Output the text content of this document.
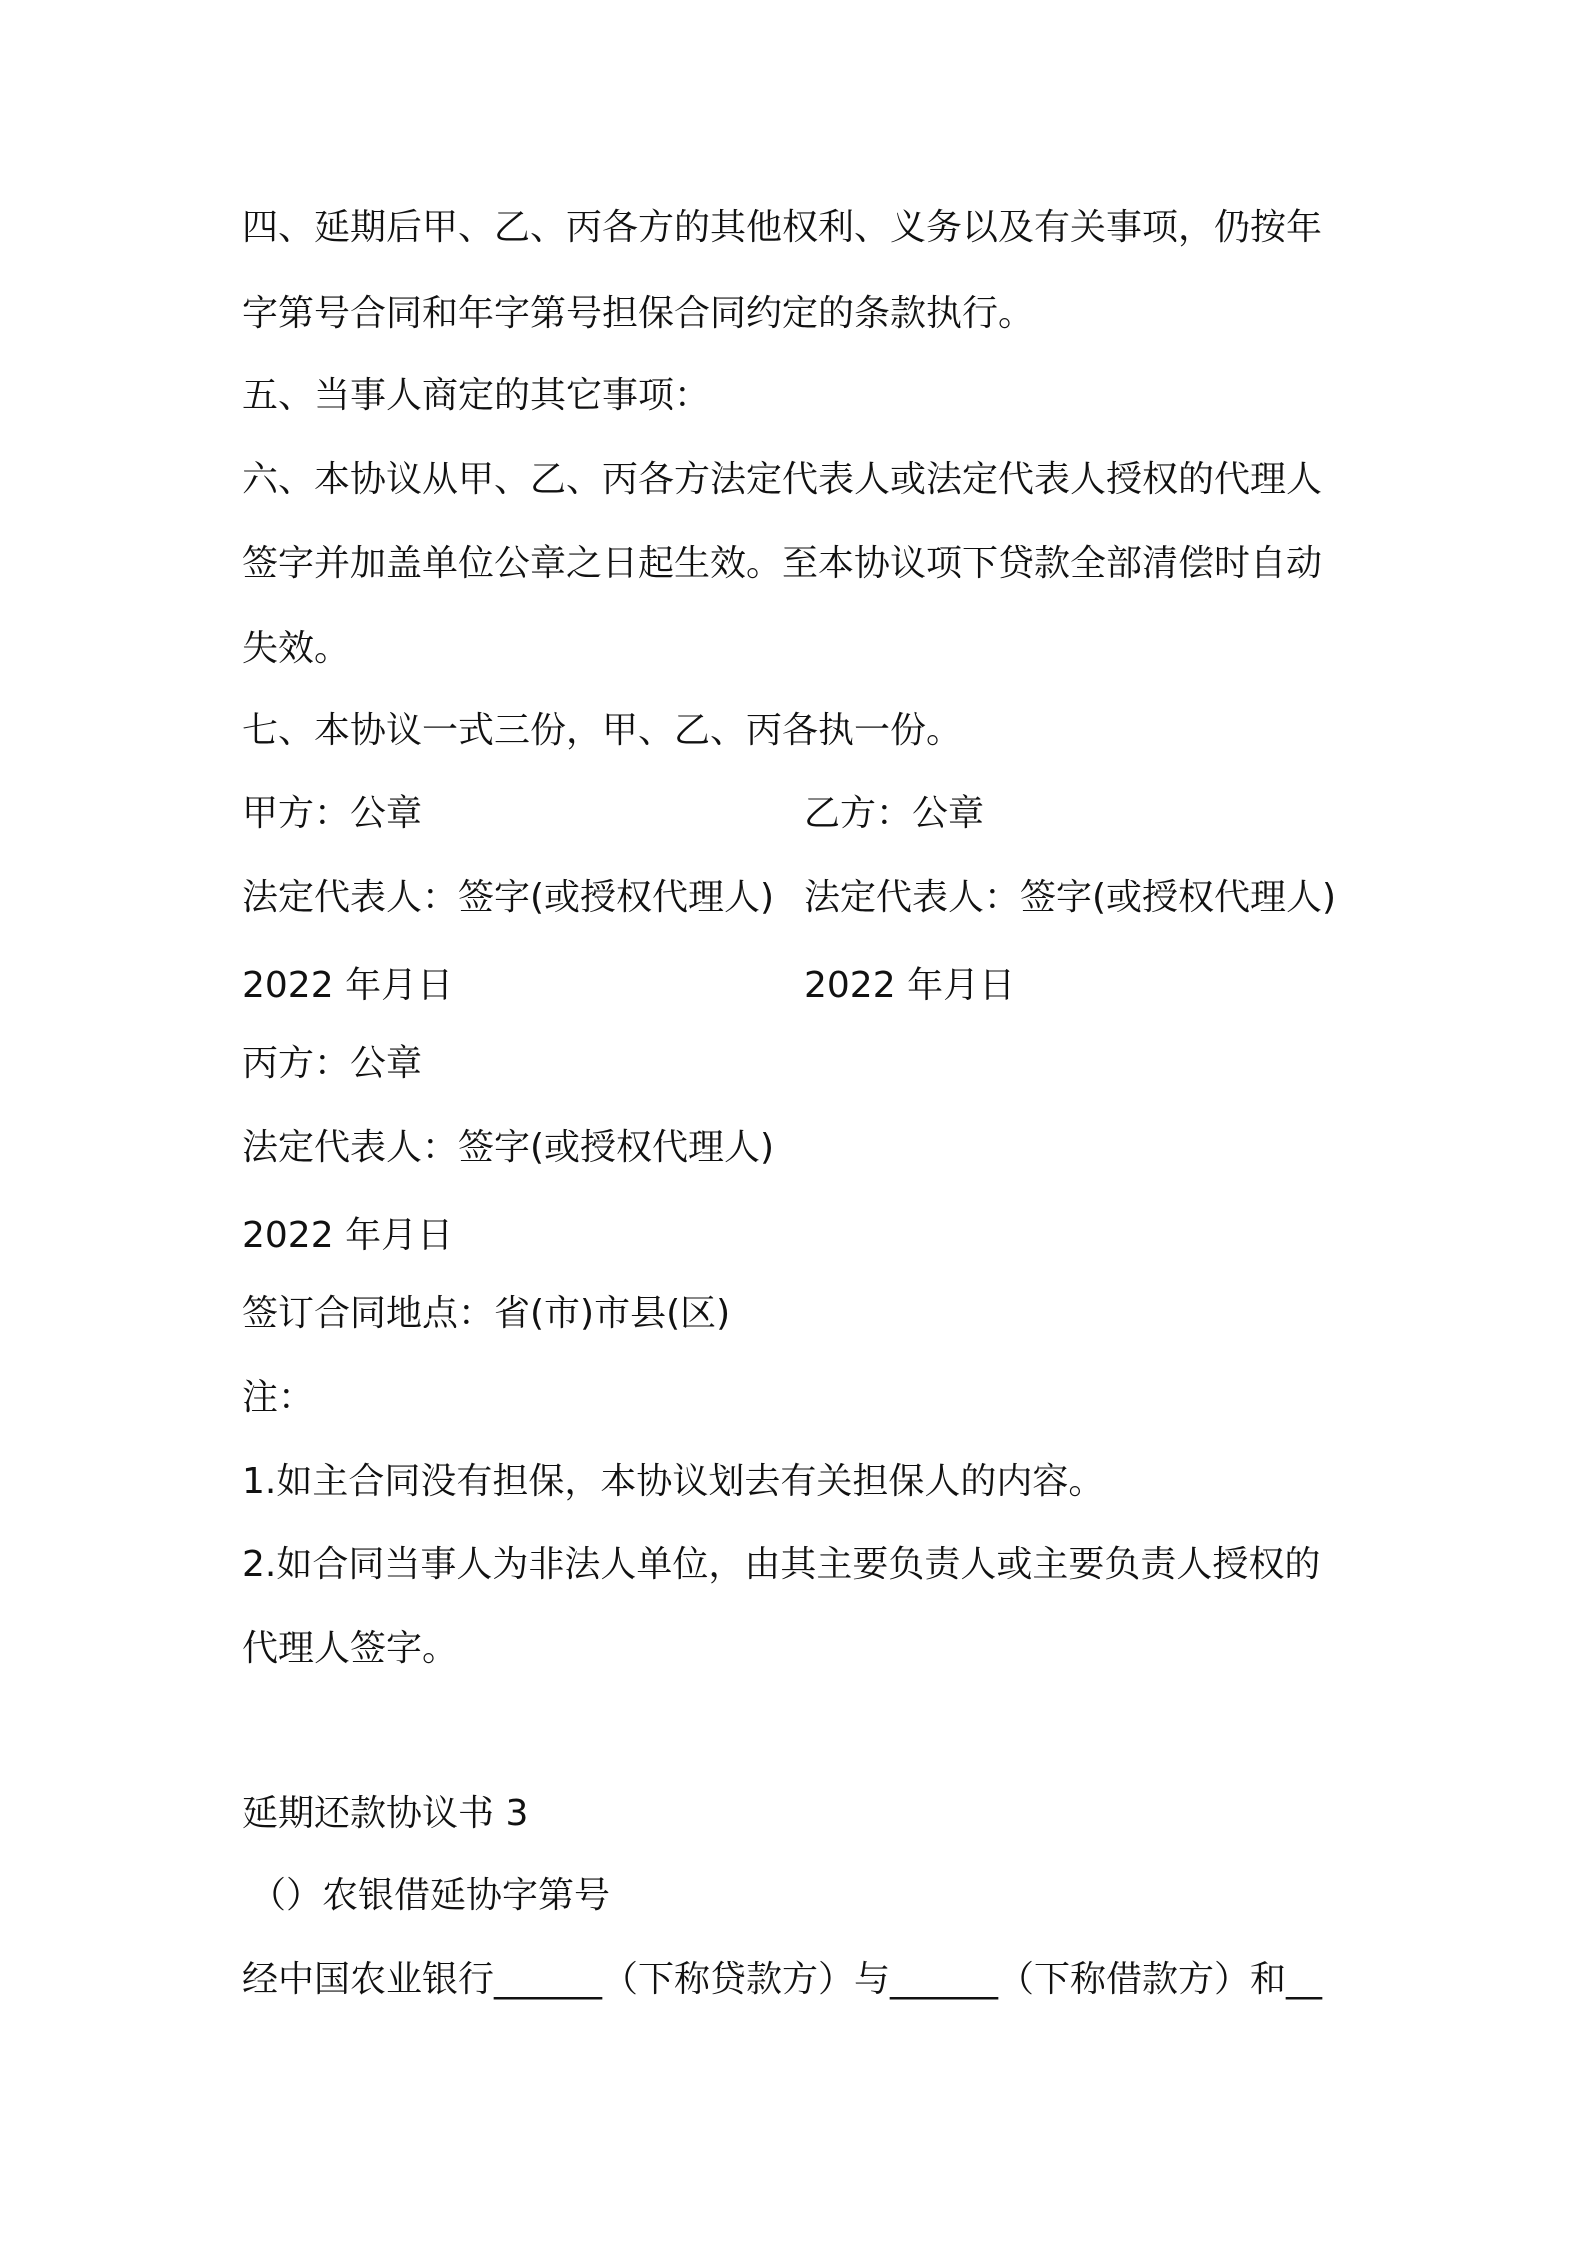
四、延期后甲、乙、丙各方的其他权利、义务以及有关事项，仍按年

字第号合同和年字第号担保合同约定的条款执行。

五、当事人商定的其它事项：

六、本协议从甲、乙、丙各方法定代表人或法定代表人授权的代理人

签字并加盖单位公章之日起生效。至本协议项下贷款全部清偿时自动

失效。

七、本协议一式三份，甲、乙、丙各执一份。

甲方：公章	乙方：公章

法定代表人：签字(或授权代理人) 法定代表人：签字(或授权代理人)

2022 年月日	2022 年月日

丙方：公章

法定代表人：签字(或授权代理人)

2022 年月日

签订合同地点：省(市)市县(区)

注：

1.如主合同没有担保，本协议划去有关担保人的内容。

2.如合同当事人为非法人单位，由其主要负责人或主要负责人授权的

代理人签字。

延期还款协议书 3

（）农银借延协字第号

经中国农业银行______（下称贷款方）与______（下称借款方）和__
